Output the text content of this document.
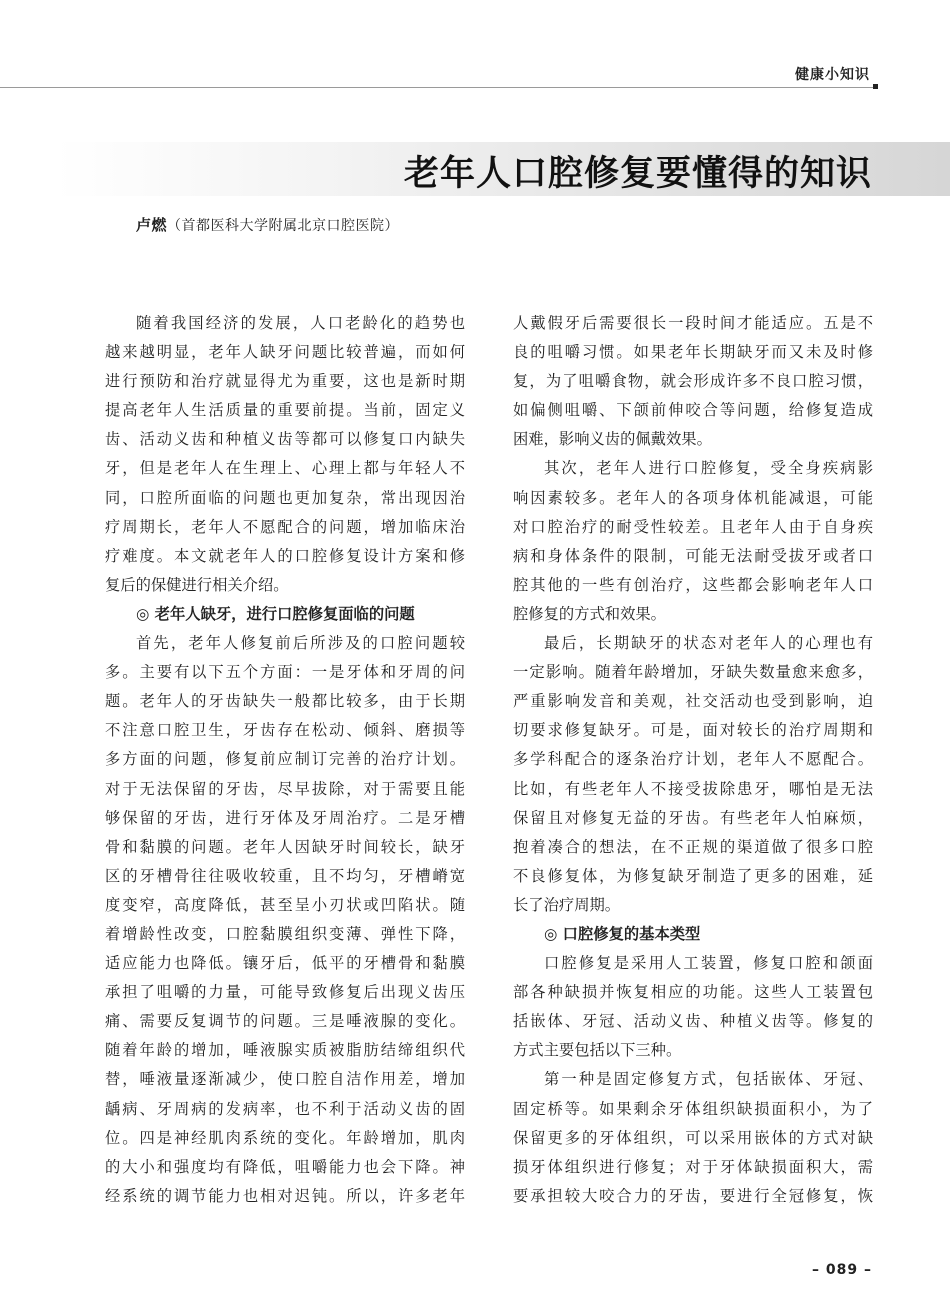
健康小知识
老年人口腔修复要懂得的知识
卢燃（首都医科大学附属北京口腔医院）
随着我国经济的发展，人口老龄化的趋势也
越来越明显，老年人缺牙问题比较普遍，而如何
进行预防和治疗就显得尤为重要，这也是新时期
提高老年人生活质量的重要前提。当前，固定义
齿、活动义齿和种植义齿等都可以修复口内缺失
牙，但是老年人在生理上、心理上都与年轻人不
同，口腔所面临的问题也更加复杂，常出现因治
疗周期长，老年人不愿配合的问题，增加临床治
疗难度。本文就老年人的口腔修复设计方案和修
复后的保健进行相关介绍。
◎ 老年人缺牙，进行口腔修复面临的问题
首先，老年人修复前后所涉及的口腔问题较
多。主要有以下五个方面：一是牙体和牙周的问
题。老年人的牙齿缺失一般都比较多，由于长期
不注意口腔卫生，牙齿存在松动、倾斜、磨损等
多方面的问题，修复前应制订完善的治疗计划。
对于无法保留的牙齿，尽早拔除，对于需要且能
够保留的牙齿，进行牙体及牙周治疗。二是牙槽
骨和黏膜的问题。老年人因缺牙时间较长，缺牙
区的牙槽骨往往吸收较重，且不均匀，牙槽嵴宽
度变窄，高度降低，甚至呈小刃状或凹陷状。随
着增龄性改变，口腔黏膜组织变薄、弹性下降，
适应能力也降低。镶牙后，低平的牙槽骨和黏膜
承担了咀嚼的力量，可能导致修复后出现义齿压
痛、需要反复调节的问题。三是唾液腺的变化。
随着年龄的增加，唾液腺实质被脂肪结缔组织代
替，唾液量逐渐减少，使口腔自洁作用差，增加
龋病、牙周病的发病率，也不利于活动义齿的固
位。四是神经肌肉系统的变化。年龄增加，肌肉
的大小和强度均有降低，咀嚼能力也会下降。神
经系统的调节能力也相对迟钝。所以，许多老年
人戴假牙后需要很长一段时间才能适应。五是不
良的咀嚼习惯。如果老年长期缺牙而又未及时修
复，为了咀嚼食物，就会形成许多不良口腔习惯，
如偏侧咀嚼、下颌前伸咬合等问题，给修复造成
困难，影响义齿的佩戴效果。
其次，老年人进行口腔修复，受全身疾病影
响因素较多。老年人的各项身体机能减退，可能
对口腔治疗的耐受性较差。且老年人由于自身疾
病和身体条件的限制，可能无法耐受拔牙或者口
腔其他的一些有创治疗，这些都会影响老年人口
腔修复的方式和效果。
最后，长期缺牙的状态对老年人的心理也有
一定影响。随着年龄增加，牙缺失数量愈来愈多，
严重影响发音和美观，社交活动也受到影响，迫
切要求修复缺牙。可是，面对较长的治疗周期和
多学科配合的逐条治疗计划，老年人不愿配合。
比如，有些老年人不接受拔除患牙，哪怕是无法
保留且对修复无益的牙齿。有些老年人怕麻烦，
抱着凑合的想法，在不正规的渠道做了很多口腔
不良修复体，为修复缺牙制造了更多的困难，延
长了治疗周期。
◎ 口腔修复的基本类型
口腔修复是采用人工装置，修复口腔和颌面
部各种缺损并恢复相应的功能。这些人工装置包
括嵌体、牙冠、活动义齿、种植义齿等。修复的
方式主要包括以下三种。
第一种是固定修复方式，包括嵌体、牙冠、
固定桥等。如果剩余牙体组织缺损面积小，为了
保留更多的牙体组织，可以采用嵌体的方式对缺
损牙体组织进行修复；对于牙体缺损面积大，需
要承担较大咬合力的牙齿，要进行全冠修复，恢
– 089 –
